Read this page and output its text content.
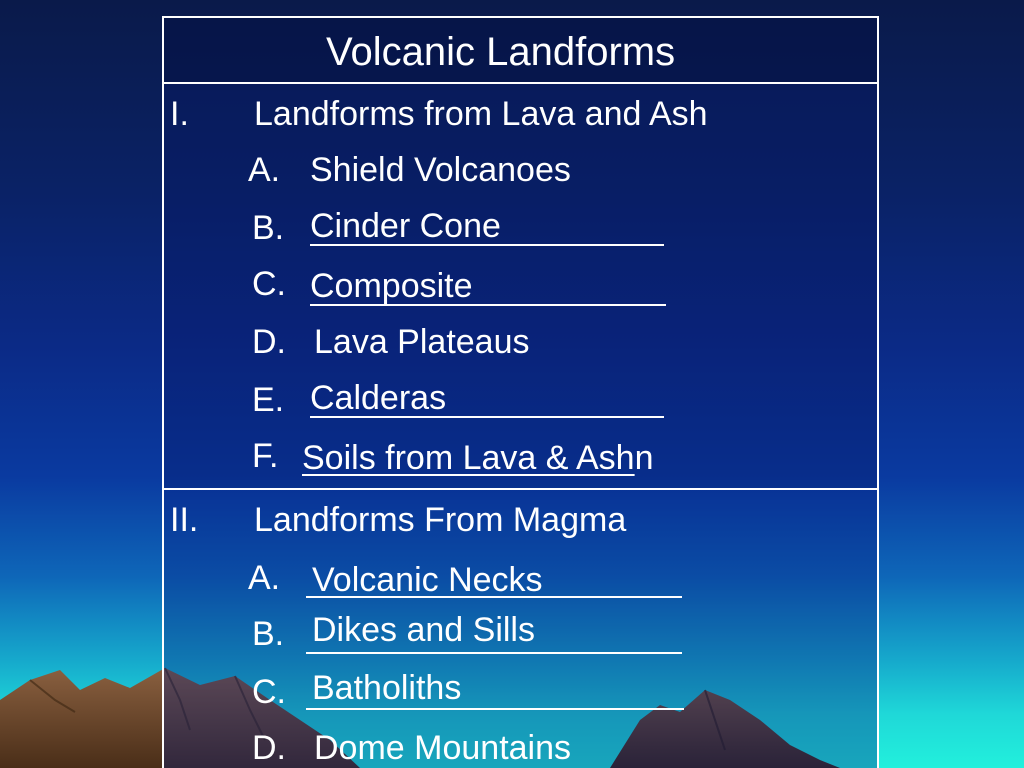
Volcanic Landforms
I. Landforms from Lava and Ash
A. Shield Volcanoes
B. Cinder Cone
C. Composite
D. Lava Plateaus
E. Calderas
F. Soils from Lava & Ashn
II. Landforms From Magma
A. Volcanic Necks
B. Dikes and Sills
C. Batholiths
D. Dome Mountains
